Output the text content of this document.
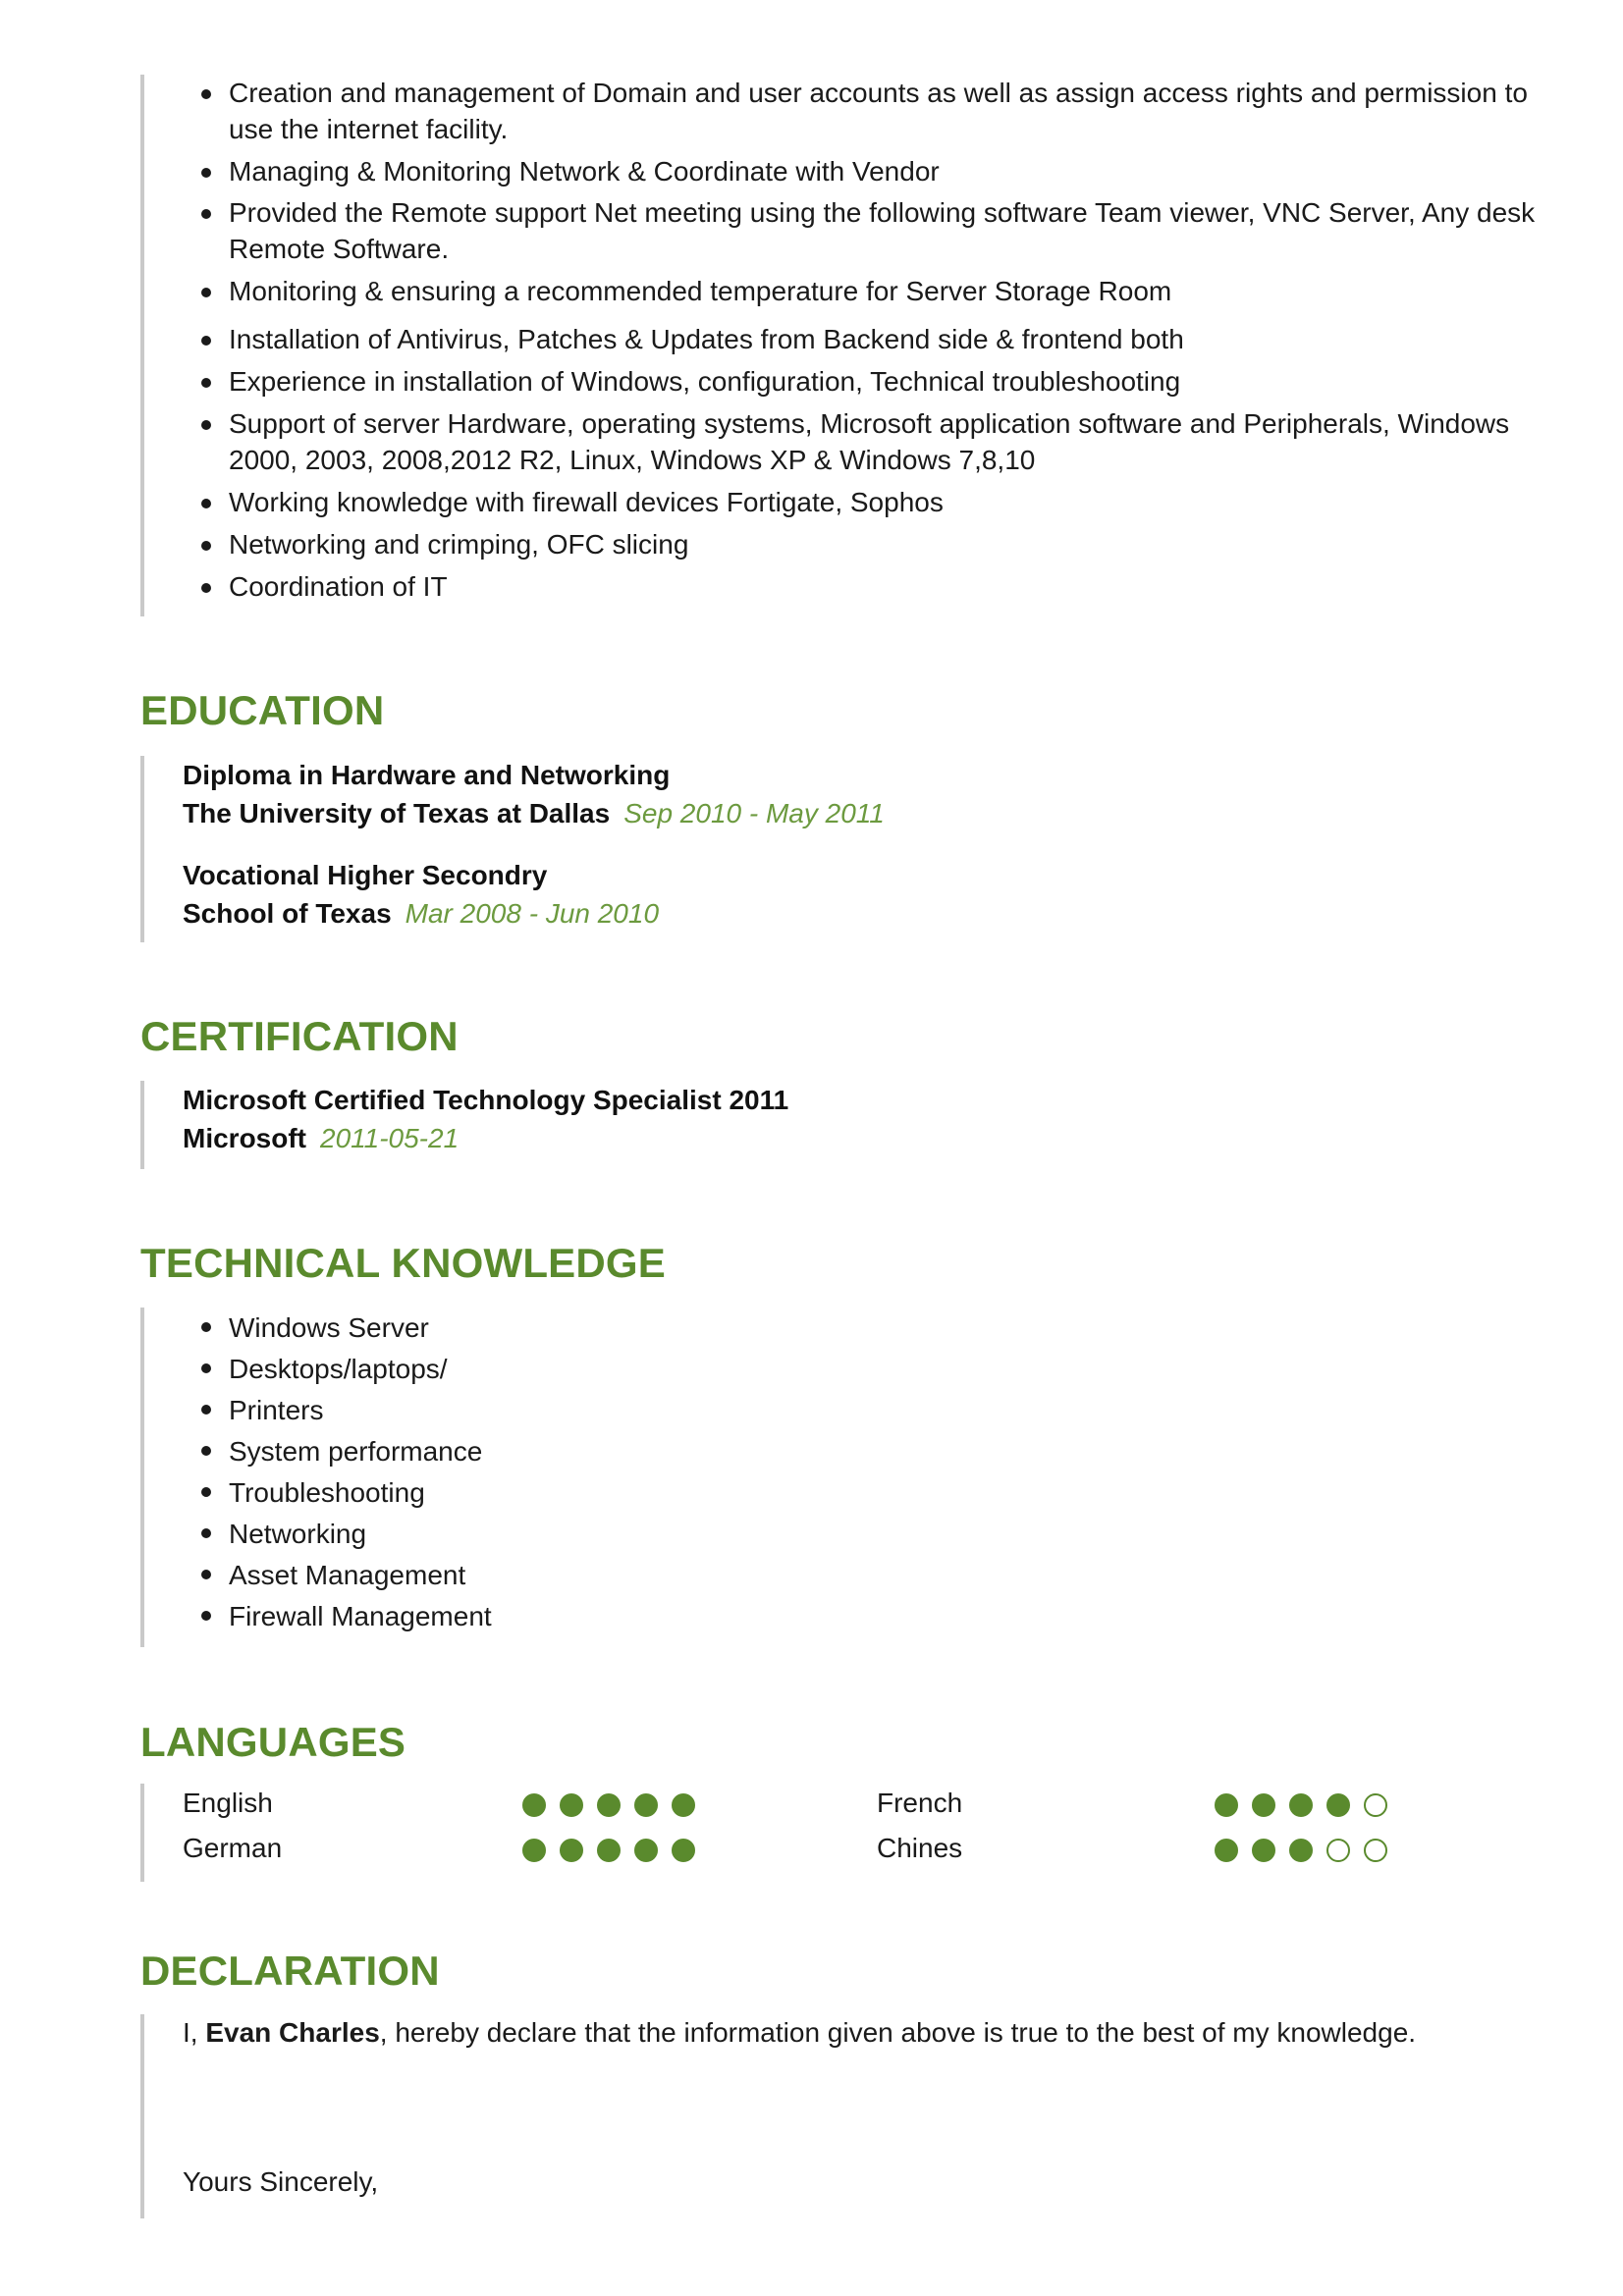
Creation and management of Domain and user accounts as well as assign access rights and permission to use the internet facility.
Managing & Monitoring Network & Coordinate with Vendor
Provided the Remote support Net meeting using the following software Team viewer, VNC Server, Any desk Remote Software.
Monitoring & ensuring a recommended temperature for Server Storage Room
Installation of Antivirus, Patches & Updates from Backend side & frontend both
Experience in installation of Windows, configuration, Technical troubleshooting
Support of server Hardware, operating systems, Microsoft application software and Peripherals, Windows 2000, 2003, 2008,2012 R2, Linux, Windows XP & Windows 7,8,10
Working knowledge with firewall devices Fortigate, Sophos
Networking and crimping, OFC slicing
Coordination of IT
EDUCATION
Diploma in Hardware and Networking
The University of Texas at Dallas Sep 2010 - May 2011
Vocational Higher Secondry
School of Texas Mar 2008 - Jun 2010
CERTIFICATION
Microsoft Certified Technology Specialist 2011
Microsoft 2011-05-21
TECHNICAL KNOWLEDGE
Windows Server
Desktops/laptops/
Printers
System performance
Troubleshooting
Networking
Asset Management
Firewall Management
LANGUAGES
English	French
German	Chines
DECLARATION
I, Evan Charles, hereby declare that the information given above is true to the best of my knowledge.
Yours Sincerely,
